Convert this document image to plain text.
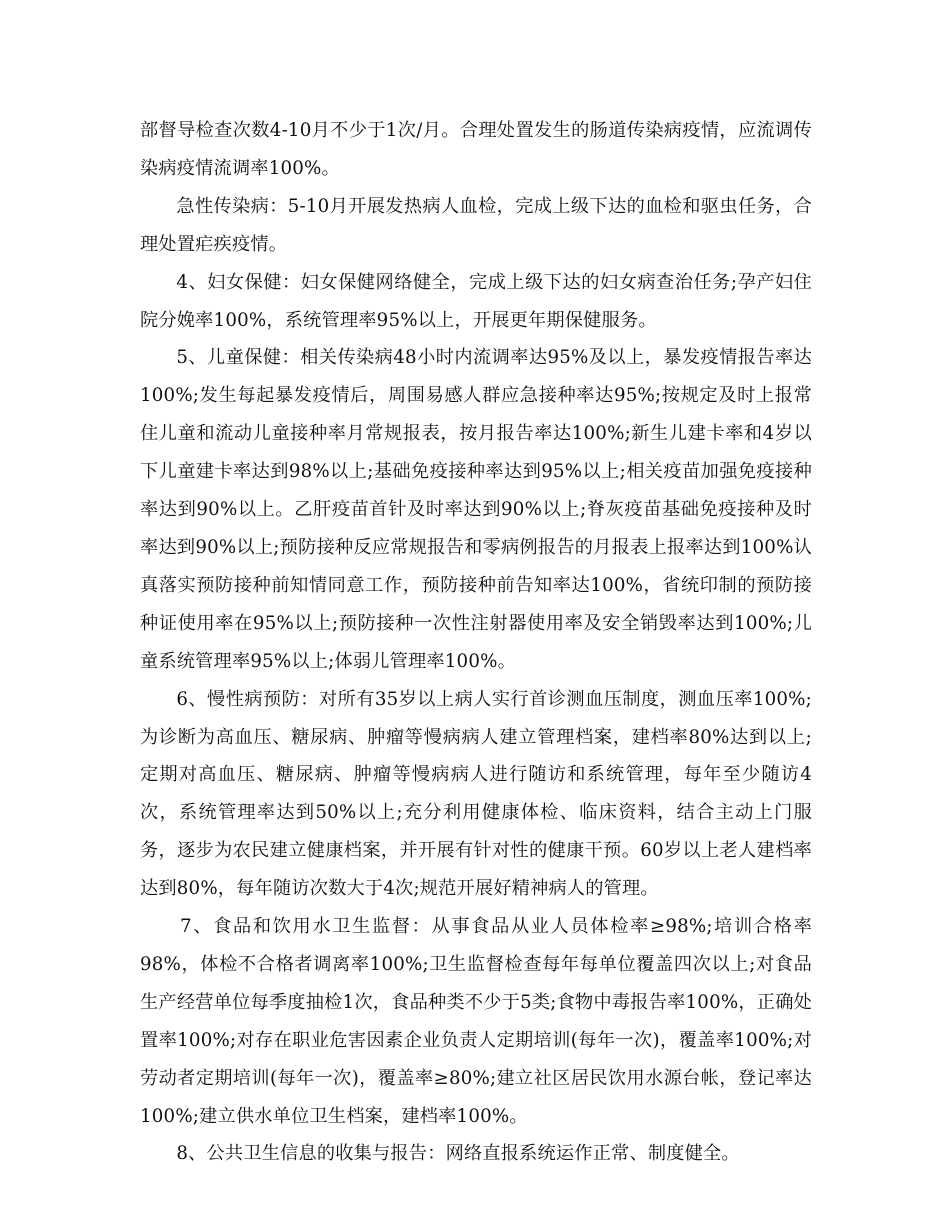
部督导检查次数4-10月不少于1次/月。合理处置发生的肠道传染病疫情，应流调传染病疫情流调率100%。

急性传染病：5-10月开展发热病人血检，完成上级下达的血检和驱虫任务，合理处置疟疾疫情。

4、妇女保健：妇女保健网络健全，完成上级下达的妇女病查治任务;孕产妇住院分娩率100%，系统管理率95%以上，开展更年期保健服务。

5、儿童保健：相关传染病48小时内流调率达95%及以上，暴发疫情报告率达100%;发生每起暴发疫情后，周围易感人群应急接种率达95%;按规定及时上报常住儿童和流动儿童接种率月常规报表，按月报告率达100%;新生儿建卡率和4岁以下儿童建卡率达到98%以上;基础免疫接种率达到95%以上;相关疫苗加强免疫接种率达到90%以上。乙肝疫苗首针及时率达到90%以上;脊灰疫苗基础免疫接种及时率达到90%以上;预防接种反应常规报告和零病例报告的月报表上报率达到100%认真落实预防接种前知情同意工作，预防接种前告知率达100%，省统印制的预防接种证使用率在95%以上;预防接种一次性注射器使用率及安全销毁率达到100%;儿童系统管理率95%以上;体弱儿管理率100%。

6、慢性病预防：对所有35岁以上病人实行首诊测血压制度，测血压率100%;为诊断为高血压、糖尿病、肿瘤等慢病病人建立管理档案，建档率80%达到以上;定期对高血压、糖尿病、肿瘤等慢病病人进行随访和系统管理，每年至少随访4次，系统管理率达到50%以上;充分利用健康体检、临床资料，结合主动上门服务，逐步为农民建立健康档案，并开展有针对性的健康干预。60岁以上老人建档率达到80%，每年随访次数大于4次;规范开展好精神病人的管理。

7、食品和饮用水卫生监督：从事食品从业人员体检率≥98%;培训合格率98%，体检不合格者调离率100%;卫生监督检查每年每单位覆盖四次以上;对食品生产经营单位每季度抽检1次，食品种类不少于5类;食物中毒报告率100%，正确处置率100%;对存在职业危害因素企业负责人定期培训(每年一次)，覆盖率100%;对劳动者定期培训(每年一次)，覆盖率≥80%;建立社区居民饮用水源台帐，登记率达100%;建立供水单位卫生档案，建档率100%。

8、公共卫生信息的收集与报告：网络直报系统运作正常、制度健全。
